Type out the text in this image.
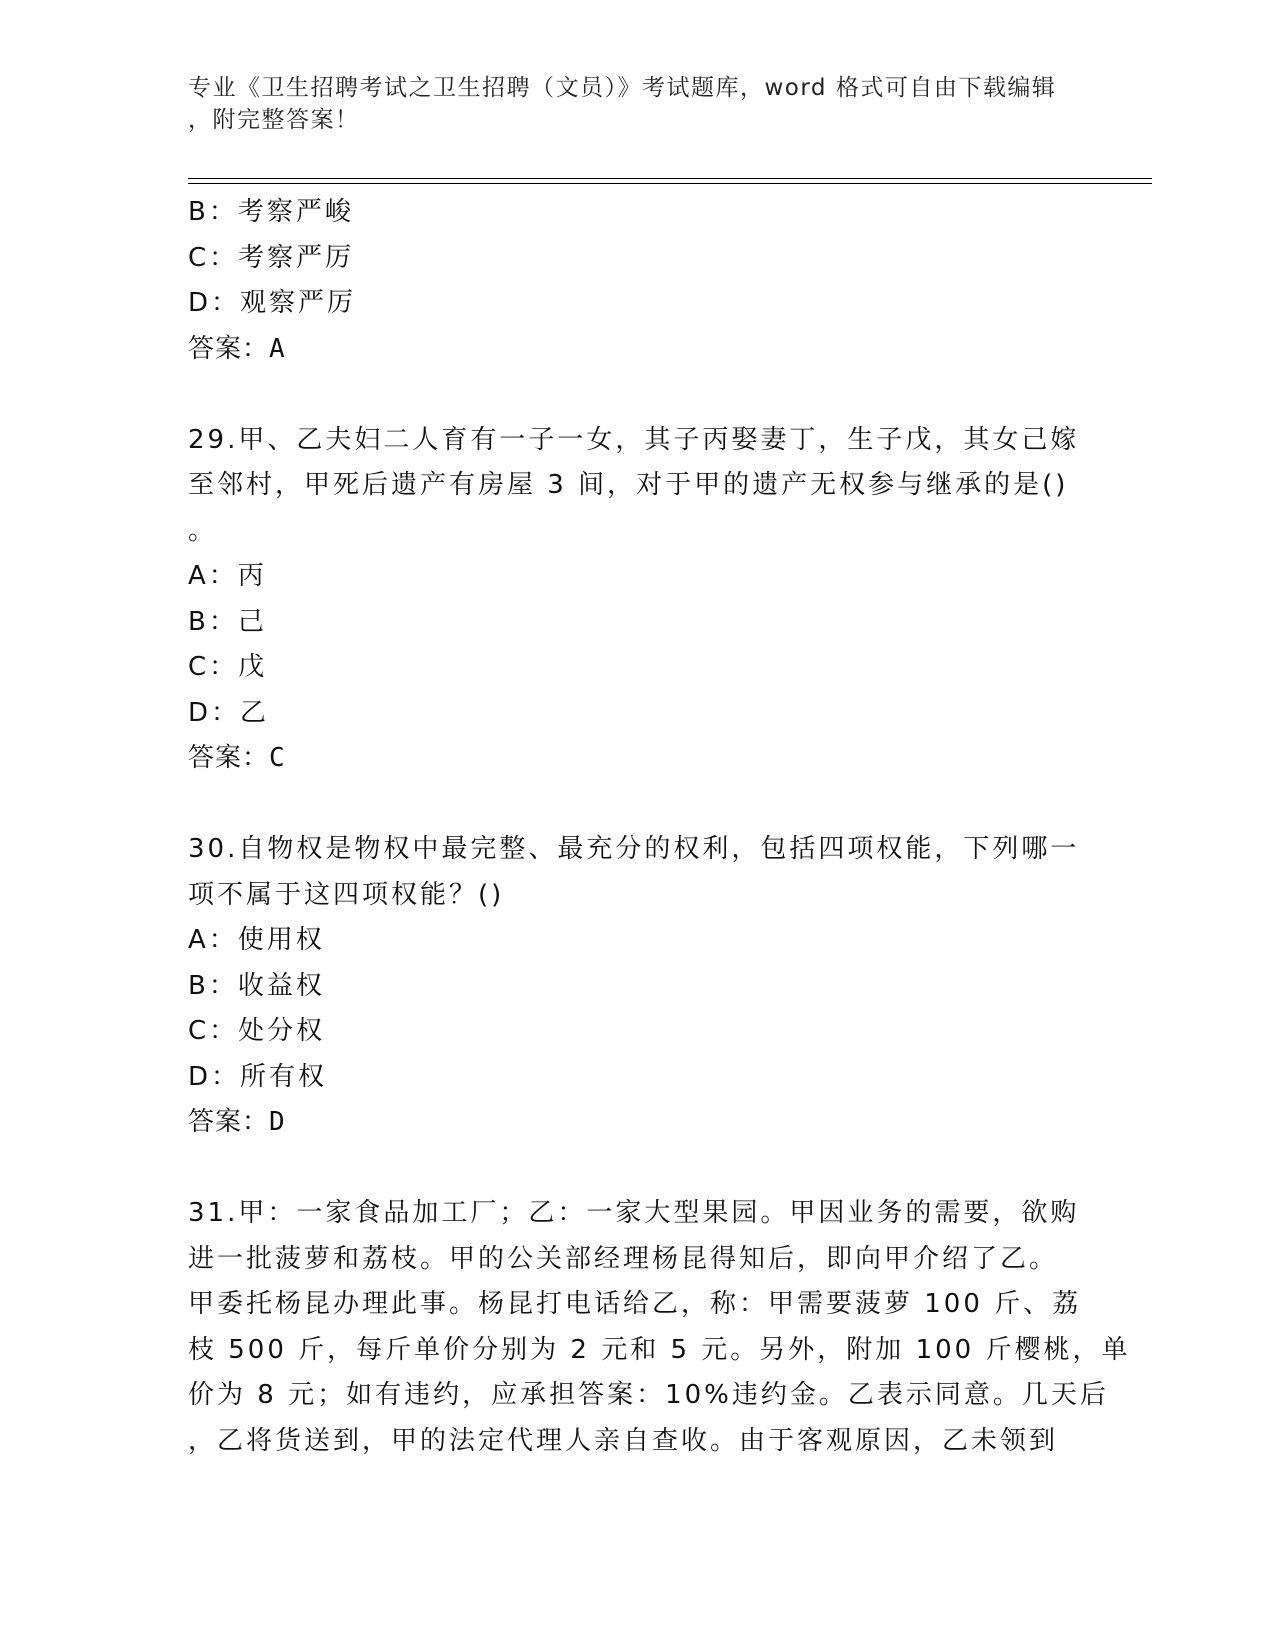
专业《卫生招聘考试之卫生招聘（文员）》考试题库，word 格式可自由下载编辑
，附完整答案！
B：考察严峻
C：考察严厉
D：观察严厉
答案：A
29.甲、乙夫妇二人育有一子一女，其子丙娶妻丁，生子戊，其女己嫁
至邻村，甲死后遗产有房屋 3 间，对于甲的遗产无权参与继承的是()
。
A：丙
B：己
C：戊
D：乙
答案：C
30.自物权是物权中最完整、最充分的权利，包括四项权能，下列哪一
项不属于这四项权能？()
A：使用权
B：收益权
C：处分权
D：所有权
答案：D
31.甲：一家食品加工厂；乙：一家大型果园。甲因业务的需要，欲购
进一批菠萝和荔枝。甲的公关部经理杨昆得知后，即向甲介绍了乙。
甲委托杨昆办理此事。杨昆打电话给乙，称：甲需要菠萝 100 斤、荔
枝 500 斤，每斤单价分别为 2 元和 5 元。另外，附加 100 斤樱桃，单
价为 8 元；如有违约，应承担答案：10%违约金。乙表示同意。几天后
，乙将货送到，甲的法定代理人亲自查收。由于客观原因，乙未领到
